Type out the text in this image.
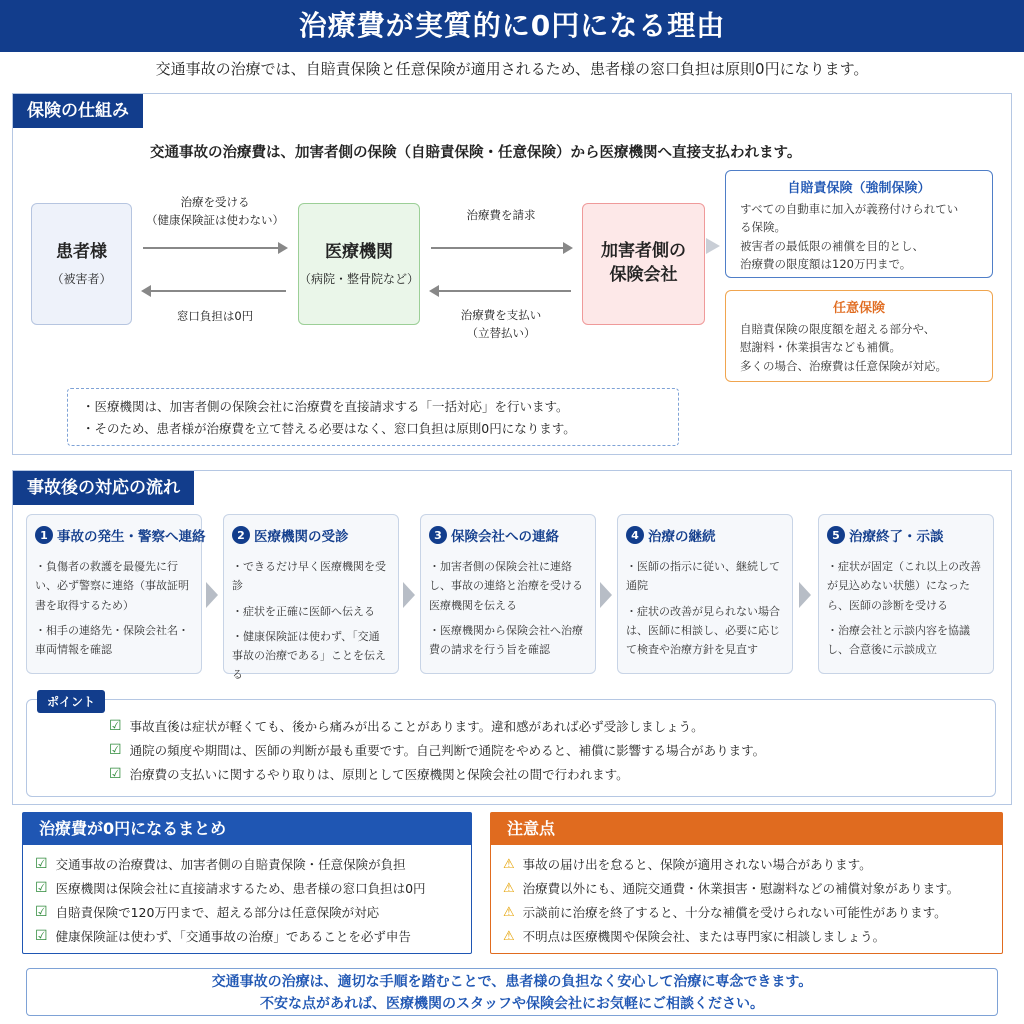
治療費が実質的に0円になる理由
交通事故の治療では、自賠責保険と任意保険が適用されるため、患者様の窓口負担は原則0円になります。
保険の仕組み
交通事故の治療費は、加害者側の保険（自賠責保険・任意保険）から医療機関へ直接支払われます。
患者様
（被害者）
医療機関
（病院・整骨院など）
加害者側の
保険会社
治療を受ける
（健康保険証は使わない）
窓口負担は0円
治療費を請求
治療費を支払い
（立替払い）
自賠責保険（強制保険）
すべての自動車に加入が義務付けられてい
る保険。
被害者の最低限の補償を目的とし、
治療費の限度額は120万円まで。
任意保険
自賠責保険の限度額を超える部分や、
慰謝料・休業損害なども補償。
多くの場合、治療費は任意保険が対応。
・医療機関は、加害者側の保険会社に治療費を直接請求する「一括対応」を行います。
・そのため、患者様が治療費を立て替える必要はなく、窓口負担は原則0円になります。
事故後の対応の流れ
1 事故の発生・警察へ連絡

・負傷者の救護を最優先に行い、必ず警察に連絡（事故証明書を取得するため）

・相手の連絡先・保険会社名・車両情報を確認

2 医療機関の受診

・できるだけ早く医療機関を受診

・症状を正確に医師へ伝える

・健康保険証は使わず、「交通事故の治療である」ことを伝える

3 保険会社への連絡

・加害者側の保険会社に連絡し、事故の連絡と治療を受ける医療機関を伝える

・医療機関から保険会社へ治療費の請求を行う旨を確認

4 治療の継続

・医師の指示に従い、継続して通院

・症状の改善が見られない場合は、医師に相談し、必要に応じて検査や治療方針を見直す

5 治療終了・示談

・症状が固定（これ以上の改善が見込めない状態）になったら、医師の診断を受ける

・治療会社と示談内容を協議し、合意後に示談成立

ポイント
☑ 事故直後は症状が軽くても、後から痛みが出ることがあります。違和感があれば必ず受診しましょう。
☑ 通院の頻度や期間は、医師の判断が最も重要です。自己判断で通院をやめると、補償に影響する場合があります。
☑ 治療費の支払いに関するやり取りは、原則として医療機関と保険会社の間で行われます。
治療費が0円になるまとめ
☑ 交通事故の治療費は、加害者側の自賠責保険・任意保険が負担
☑ 医療機関は保険会社に直接請求するため、患者様の窓口負担は0円
☑ 自賠責保険で120万円まで、超える部分は任意保険が対応
☑ 健康保険証は使わず、「交通事故の治療」であることを必ず申告
注意点
⚠ 事故の届け出を怠ると、保険が適用されない場合があります。
⚠ 治療費以外にも、通院交通費・休業損害・慰謝料などの補償対象があります。
⚠ 示談前に治療を終了すると、十分な補償を受けられない可能性があります。
⚠ 不明点は医療機関や保険会社、または専門家に相談しましょう。
交通事故の治療は、適切な手順を踏むことで、患者様の負担なく安心して治療に専念できます。
不安な点があれば、医療機関のスタッフや保険会社にお気軽にご相談ください。
